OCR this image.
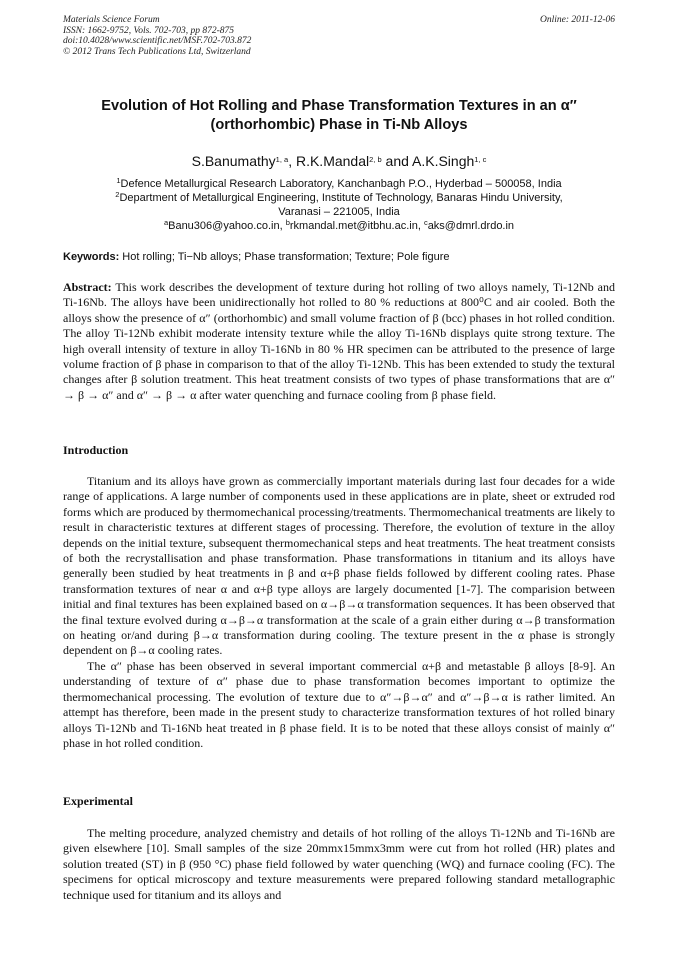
Materials Science Forum
ISSN: 1662-9752, Vols. 702-703, pp 872-875
doi:10.4028/www.scientific.net/MSF.702-703.872
© 2012 Trans Tech Publications Ltd, Switzerland
Online: 2011-12-06
Evolution of Hot Rolling and Phase Transformation Textures in an α″ (orthorhombic) Phase in Ti-Nb Alloys
S.Banumathy$^{1, a}$, R.K.Mandal$^{2, b}$ and A.K.Singh$^{1, c}$
$^1$Defence Metallurgical Research Laboratory, Kanchanbagh P.O., Hyderbad – 500058, India
$^2$Department of Metallurgical Engineering, Institute of Technology, Banaras Hindu University,
Varanasi – 221005, India
$^a$Banu306@yahoo.co.in, $^b$rkmandal.met@itbhu.ac.in, $^c$aks@dmrl.drdo.in
Keywords: Hot rolling; Ti−Nb alloys; Phase transformation; Texture; Pole figure
Abstract: This work describes the development of texture during hot rolling of two alloys namely, Ti-12Nb and Ti-16Nb. The alloys have been unidirectionally hot rolled to 80 % reductions at 800⁰C and air cooled. Both the alloys show the presence of α″ (orthorhombic) and small volume fraction of β (bcc) phases in hot rolled condition. The alloy Ti-12Nb exhibit moderate intensity texture while the alloy Ti-16Nb displays quite strong texture. The high overall intensity of texture in alloy Ti-16Nb in 80 % HR specimen can be attributed to the presence of large volume fraction of β phase in comparison to that of the alloy Ti-12Nb. This has been extended to study the textural changes after β solution treatment. This heat treatment consists of two types of phase transformations that are α″ → β → α″ and α″ → β → α after water quenching and furnace cooling from β phase field.
Introduction

Titanium and its alloys have grown as commercially important materials during last four decades for a wide range of applications. A large number of components used in these applications are in plate, sheet or extruded rod forms which are produced by thermomechanical processing/treatments. Thermomechanical treatments are likely to result in characteristic textures at different stages of processing. Therefore, the evolution of texture in the alloy depends on the initial texture, subsequent thermomechanical steps and heat treatments. The heat treatment consists of both the recrystallisation and phase transformation. Phase transformations in titanium and its alloys have generally been studied by heat treatments in β and α+β phase fields followed by different cooling rates. Phase transformation textures of near α and α+β type alloys are largely documented [1-7]. The comparision between initial and final textures has been explained based on α→β→α transformation sequences. It has been observed that the final texture evolved during α→β→α transformation at the scale of a grain either during α→β transformation on heating or/and during β→α transformation during cooling. The texture present in the α phase is strongly dependent on β→α cooling rates.

The α″ phase has been observed in several important commercial α+β and metastable β alloys [8-9]. An understanding of texture of α″ phase due to phase transformation becomes important to optimize the thermomechanical processing. The evolution of texture due to α″→β→α″ and α″→β→α is rather limited. An attempt has therefore, been made in the present study to characterize transformation textures of hot rolled binary alloys Ti-12Nb and Ti-16Nb heat treated in β phase field. It is to be noted that these alloys consist of mainly α″ phase in hot rolled condition.

Experimental

The melting procedure, analyzed chemistry and details of hot rolling of the alloys Ti-12Nb and Ti-16Nb are given elsewhere [10]. Small samples of the size 20mmx15mmx3mm were cut from hot rolled (HR) plates and solution treated (ST) in β (950 °C) phase field followed by water quenching (WQ) and furnace cooling (FC). The specimens for optical microscopy and texture measurements were prepared following standard metallographic technique used for titanium and its alloys and
